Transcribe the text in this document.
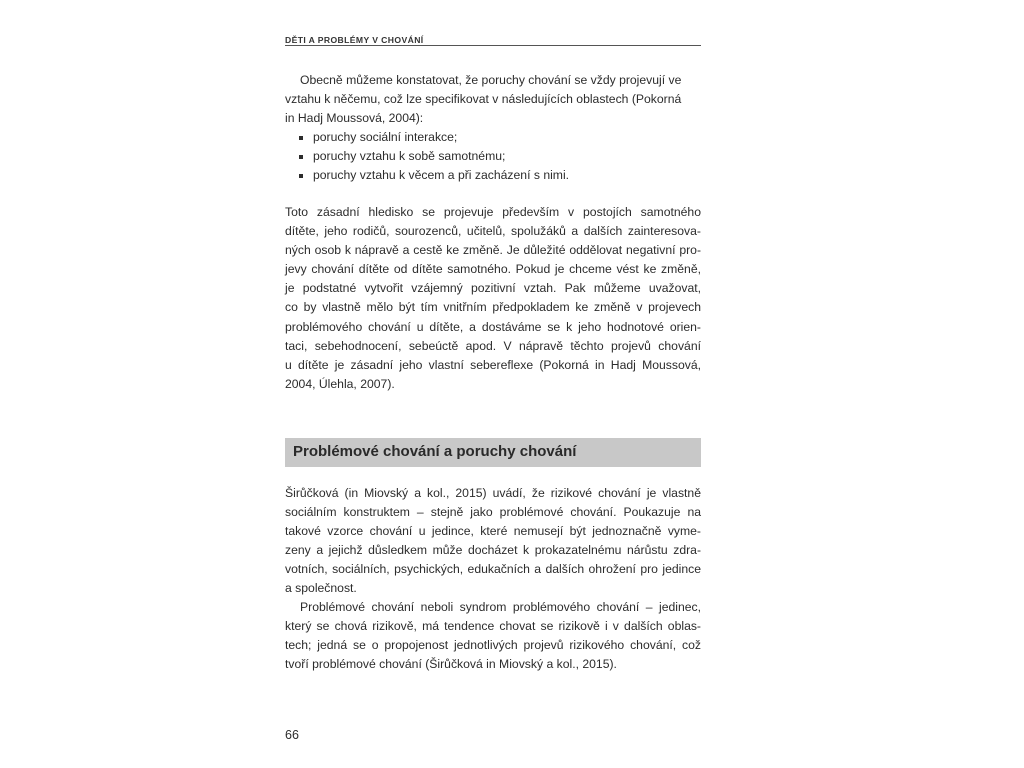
DĚTI A PROBLÉMY V CHOVÁNÍ
Obecně můžeme konstatovat, že poruchy chování se vždy projevují ve
vztahu k něčemu, což lze specifikovat v následujících oblastech (Pokorná
in Hadj Moussová, 2004):
poruchy sociální interakce;
poruchy vztahu k sobě samotnému;
poruchy vztahu k věcem a při zacházení s nimi.
Toto zásadní hledisko se projevuje především v postojích samotného
dítěte, jeho rodičů, sourozenců, učitelů, spolužáků a dalších zainteresova-
ných osob k nápravě a cestě ke změně. Je důležité oddělovat negativní pro-
jevy chování dítěte od dítěte samotného. Pokud je chceme vést ke změně,
je podstatné vytvořit vzájemný pozitivní vztah. Pak můžeme uvažovat,
co by vlastně mělo být tím vnitřním předpokladem ke změně v projevech
problémového chování u dítěte, a dostáváme se k jeho hodnotové orien-
taci, sebehodnocení, sebeúctě apod. V nápravě těchto projevů chování
u dítěte je zásadní jeho vlastní sebereflexe (Pokorná in Hadj Moussová,
2004, Úlehla, 2007).
Problémové chování a poruchy chování
Širůčková (in Miovský a kol., 2015) uvádí, že rizikové chování je vlastně
sociálním konstruktem – stejně jako problémové chování. Poukazuje na
takové vzorce chování u jedince, které nemusejí být jednoznačně vyme-
zeny a jejichž důsledkem může docházet k prokazatelnému nárůstu zdra-
votních, sociálních, psychických, edukačních a dalších ohrožení pro jedince
a společnost.
Problémové chování neboli syndrom problémového chování – jedinec,
který se chová rizikově, má tendence chovat se rizikově i v dalších oblas-
tech; jedná se o propojenost jednotlivých projevů rizikového chování, což
tvoří problémové chování (Širůčková in Miovský a kol., 2015).
66
